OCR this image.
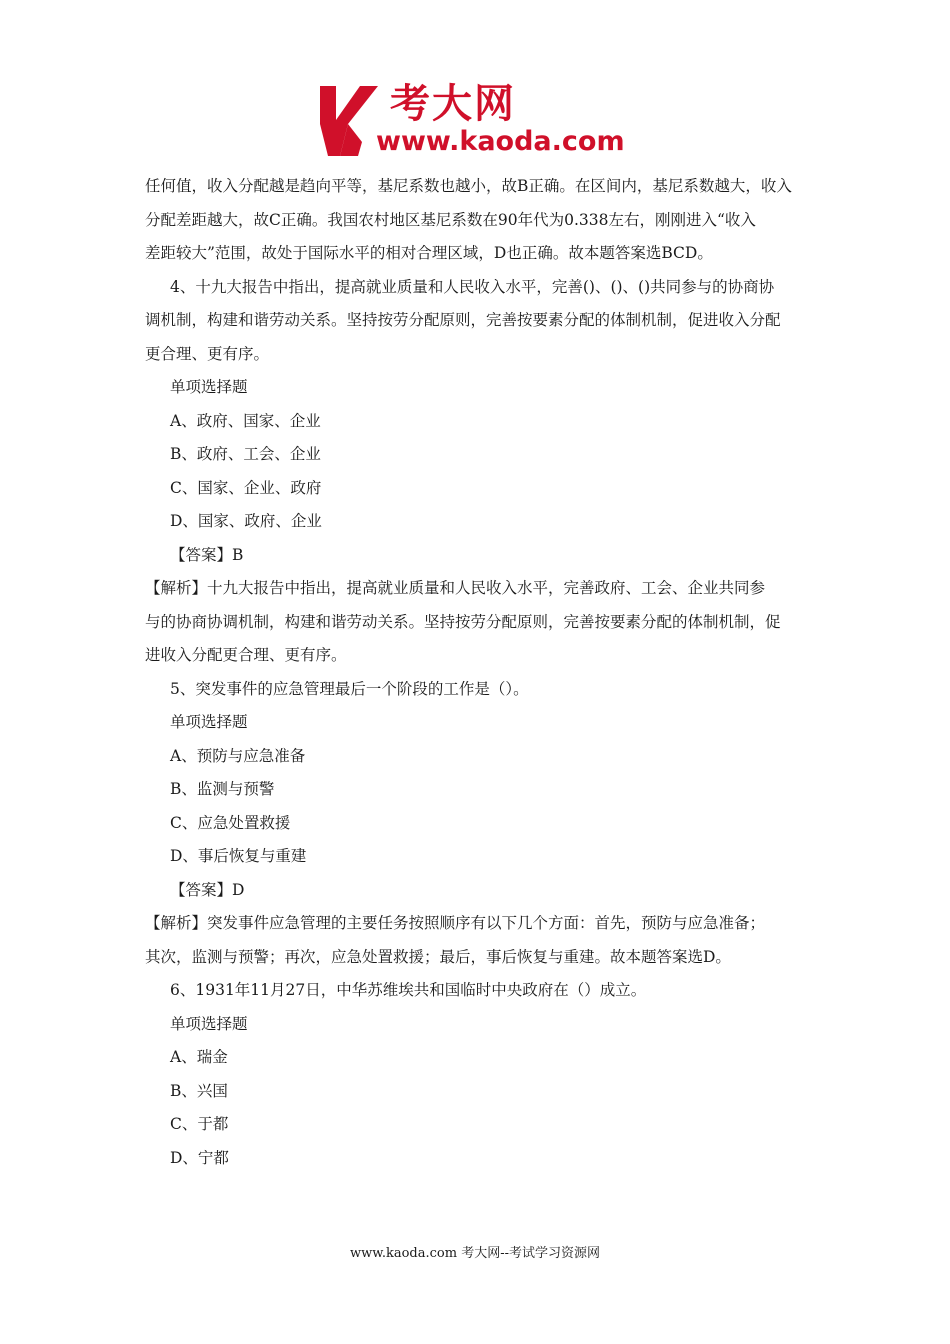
考大网
www.kaoda.com
任何值，收入分配越是趋向平等，基尼系数也越小，故B正确。在区间内，基尼系数越大，收入
分配差距越大，故C正确。我国农村地区基尼系数在90年代为0.338左右，刚刚进入“收入
差距较大”范围，故处于国际水平的相对合理区域，D也正确。故本题答案选BCD。
4、十九大报告中指出，提高就业质量和人民收入水平，完善()、()、()共同参与的协商协
调机制，构建和谐劳动关系。坚持按劳分配原则，完善按要素分配的体制机制，促进收入分配
更合理、更有序。
单项选择题
A、政府、国家、企业
B、政府、工会、企业
C、国家、企业、政府
D、国家、政府、企业
【答案】B
【解析】十九大报告中指出，提高就业质量和人民收入水平，完善政府、工会、企业共同参
与的协商协调机制，构建和谐劳动关系。坚持按劳分配原则，完善按要素分配的体制机制，促
进收入分配更合理、更有序。
5、突发事件的应急管理最后一个阶段的工作是（）。
单项选择题
A、预防与应急准备
B、监测与预警
C、应急处置救援
D、事后恢复与重建
【答案】D
【解析】突发事件应急管理的主要任务按照顺序有以下几个方面：首先，预防与应急准备；
其次，监测与预警；再次，应急处置救援；最后，事后恢复与重建。故本题答案选D。
6、1931年11月27日，中华苏维埃共和国临时中央政府在（）成立。
单项选择题
A、瑞金
B、兴国
C、于都
D、宁都
www.kaoda.com 考大网--考试学习资源网
